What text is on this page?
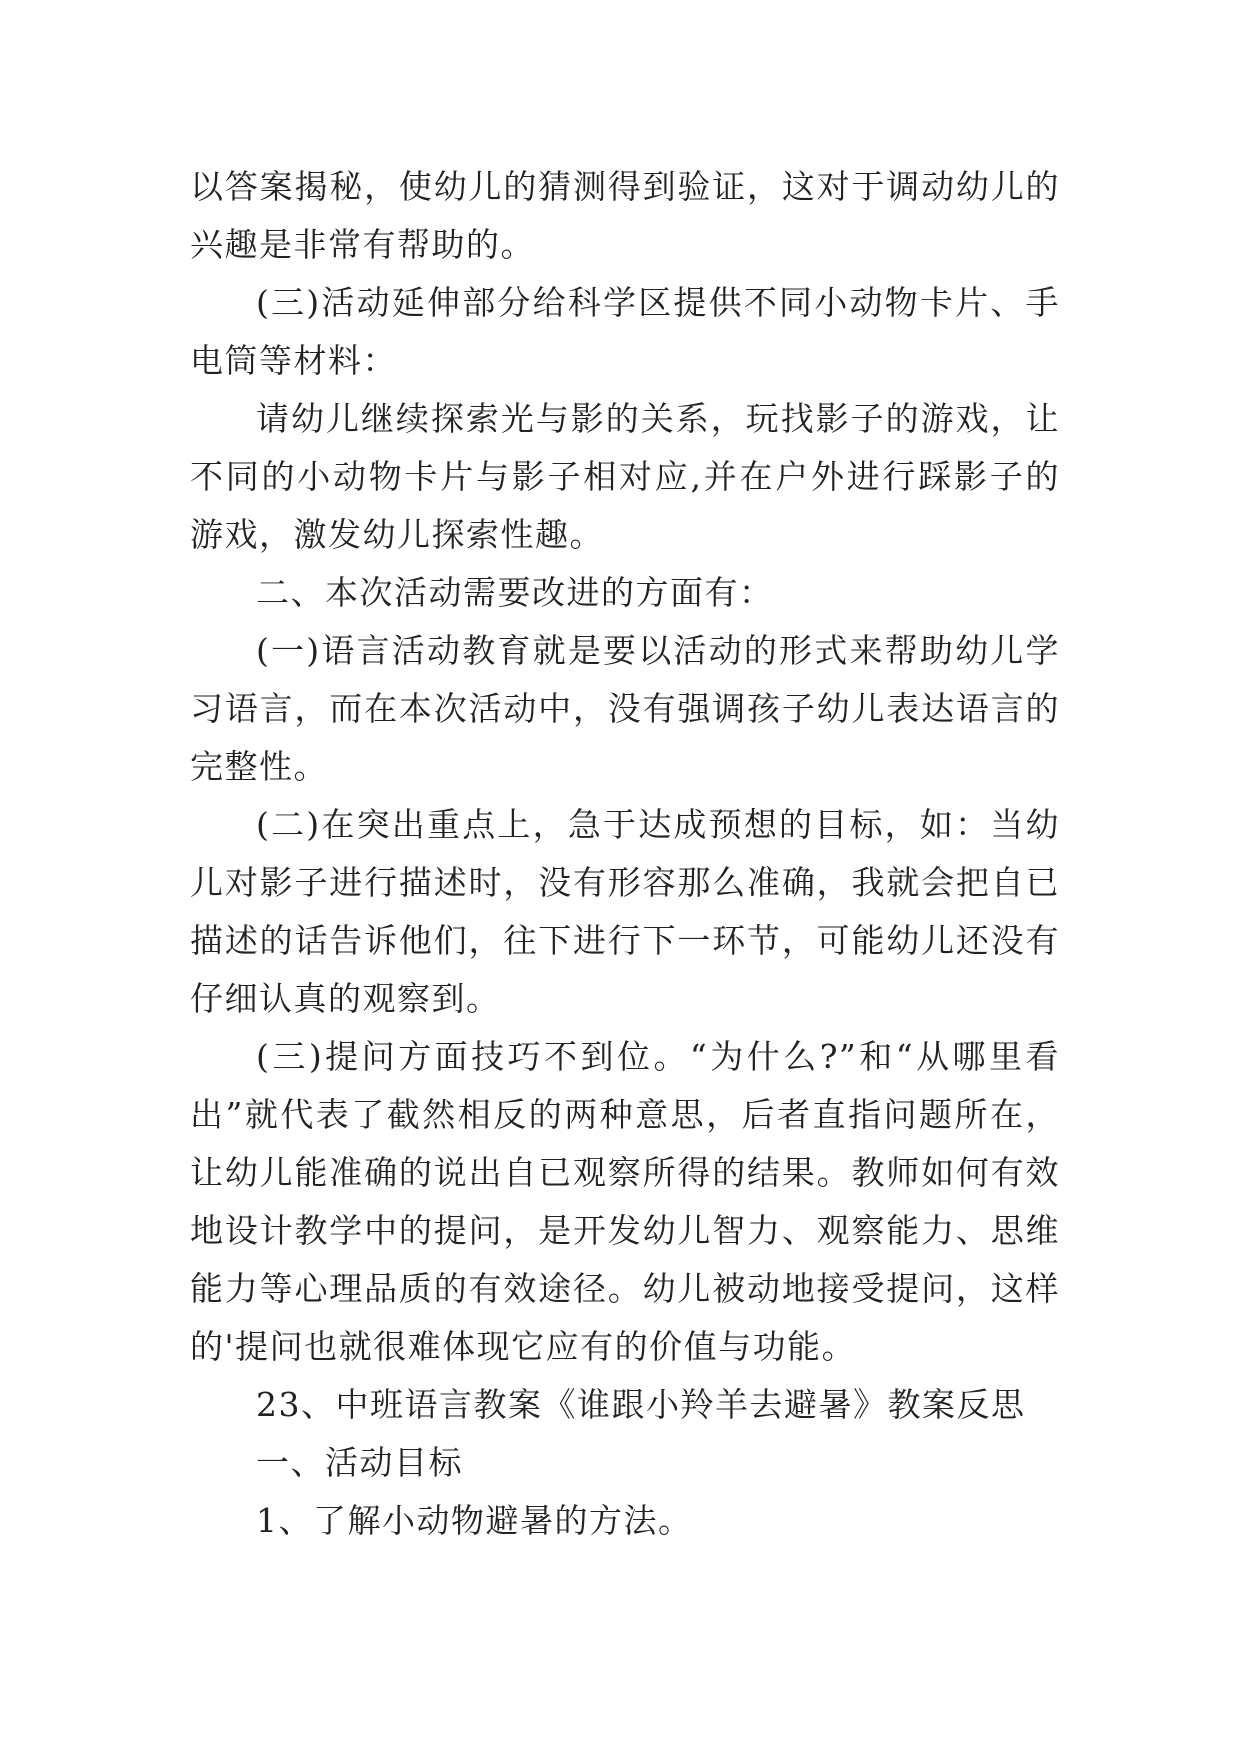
以答案揭秘，使幼儿的猜测得到验证，这对于调动幼儿的兴趣是非常有帮助的。

(三)活动延伸部分给科学区提供不同小动物卡片、手电筒等材料：

请幼儿继续探索光与影的关系，玩找影子的游戏，让不同的小动物卡片与影子相对应,并在户外进行踩影子的游戏，激发幼儿探索性趣。

二、本次活动需要改进的方面有：

(一)语言活动教育就是要以活动的形式来帮助幼儿学习语言，而在本次活动中，没有强调孩子幼儿表达语言的完整性。

(二)在突出重点上，急于达成预想的目标，如：当幼儿对影子进行描述时，没有形容那么准确，我就会把自已描述的话告诉他们，往下进行下一环节，可能幼儿还没有仔细认真的观察到。

(三)提问方面技巧不到位。“为什么?”和“从哪里看出”就代表了截然相反的两种意思，后者直指问题所在，让幼儿能准确的说出自已观察所得的结果。教师如何有效地设计教学中的提问，是开发幼儿智力、观察能力、思维能力等心理品质的有效途径。幼儿被动地接受提问，这样的'提问也就很难体现它应有的价值与功能。

23、中班语言教案《谁跟小羚羊去避暑》教案反思

一、活动目标

1、了解小动物避暑的方法。
